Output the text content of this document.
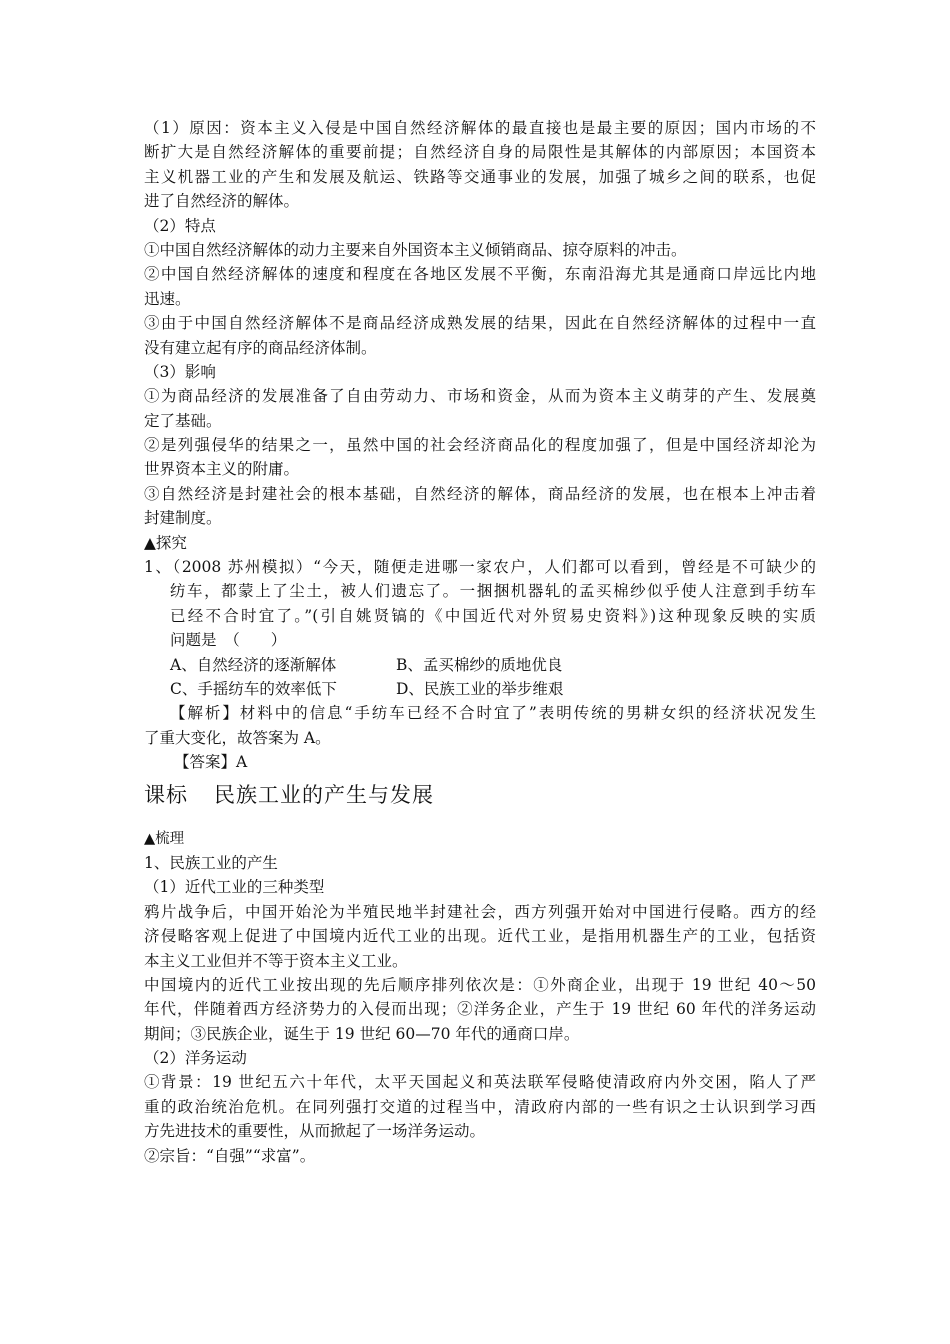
（1）原因：资本主义入侵是中国自然经济解体的最直接也是最主要的原因；国内市场的不
断扩大是自然经济解体的重要前提；自然经济自身的局限性是其解体的内部原因；本国资本
主义机器工业的产生和发展及航运、铁路等交通事业的发展，加强了城乡之间的联系，也促
进了自然经济的解体。
（2）特点
①中国自然经济解体的动力主要来自外国资本主义倾销商品、掠夺原料的冲击。
②中国自然经济解体的速度和程度在各地区发展不平衡，东南沿海尤其是通商口岸远比内地
迅速。
③由于中国自然经济解体不是商品经济成熟发展的结果，因此在自然经济解体的过程中一直
没有建立起有序的商品经济体制。
（3）影响
①为商品经济的发展准备了自由劳动力、市场和资金，从而为资本主义萌芽的产生、发展奠
定了基础。
②是列强侵华的结果之一，虽然中国的社会经济商品化的程度加强了，但是中国经济却沦为
世界资本主义的附庸。
③自然经济是封建社会的根本基础，自然经济的解体，商品经济的发展，也在根本上冲击着
封建制度。
▲探究
1、（2008 苏州模拟）“今天，随便走进哪一家农户，人们都可以看到，曾经是不可缺少的
纺车，都蒙上了尘土，被人们遗忘了。一捆捆机器轧的孟买棉纱似乎使人注意到手纺车
已经不合时宜了。”(引自姚贤镐的《中国近代对外贸易史资料》)这种现象反映的实质
问题是　（　　）
A、自然经济的逐渐解体	B、孟买棉纱的质地优良
C、手摇纺车的效率低下	D、民族工业的举步维艰
【解析】材料中的信息“手纺车已经不合时宜了”表明传统的男耕女织的经济状况发生
了重大变化，故答案为 A。
【答案】A
课标 民族工业的产生与发展
▲梳理
1、民族工业的产生
（1）近代工业的三种类型
鸦片战争后，中国开始沦为半殖民地半封建社会，西方列强开始对中国进行侵略。西方的经
济侵略客观上促进了中国境内近代工业的出现。近代工业，是指用机器生产的工业，包括资
本主义工业但并不等于资本主义工业。
中国境内的近代工业按出现的先后顺序排列依次是：①外商企业，出现于 19 世纪 40～50
年代，伴随着西方经济势力的入侵而出现；②洋务企业，产生于 19 世纪 60 年代的洋务运动
期间；③民族企业，诞生于 19 世纪 60—70 年代的通商口岸。
（2）洋务运动
①背景：19 世纪五六十年代，太平天国起义和英法联军侵略使清政府内外交困，陷人了严
重的政治统治危机。在同列强打交道的过程当中，清政府内部的一些有识之士认识到学习西
方先进技术的重要性，从而掀起了一场洋务运动。
②宗旨：“自强”“求富”。
